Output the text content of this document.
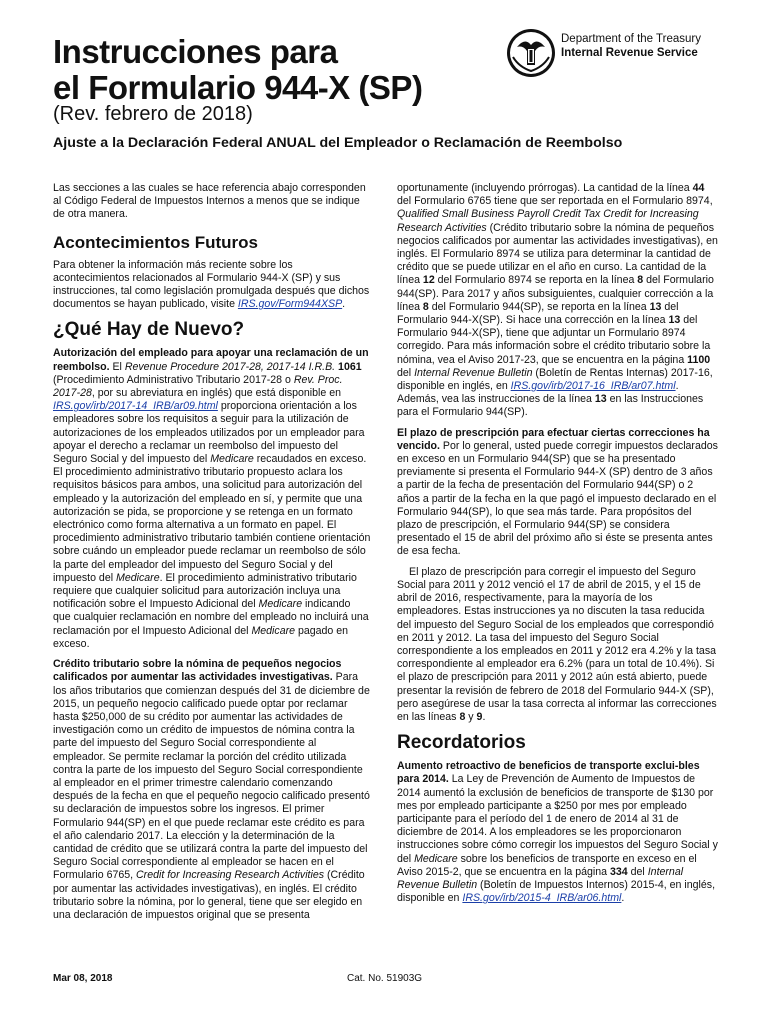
Instrucciones para
el Formulario 944-X (SP)
(Rev. febrero de 2018)
Ajuste a la Declaración Federal ANUAL del Empleador o Reclamación de Reembolso
Department of the Treasury
Internal Revenue Service

Las secciones a las cuales se hace referencia abajo corresponden al Código Federal de Impuestos Internos a menos que se indique de otra manera.

Acontecimientos Futuros

Para obtener la información más reciente sobre los acontecimientos relacionados al Formulario 944-X (SP) y sus instrucciones, tal como legislación promulgada después que dichos documentos se hayan publicado, visite IRS.gov/Form944XSP.

¿Qué Hay de Nuevo?

Autorización del empleado para apoyar una reclamación de un reembolso. El Revenue Procedure 2017-28, 2017-14 I.R.B. 1061 (Procedimiento Administrativo Tributario 2017-28 o Rev. Proc. 2017-28, por su abreviatura en inglés) que está disponible en IRS.gov/irb/2017-14_IRB/ar09.html proporciona orientación a los empleadores sobre los requisitos a seguir para la utilización de autorizaciones de los empleados utilizados por un empleador para apoyar el derecho a reclamar un reembolso del impuesto del Seguro Social y del impuesto del Medicare recaudados en exceso. El procedimiento administrativo tributario propuesto aclara los requisitos básicos para ambos, una solicitud para autorización del empleado y la autorización del empleado en sí, y permite que una autorización se pida, se proporcione y se retenga en un formato electrónico como forma alternativa a un formato en papel. El procedimiento administrativo tributario también contiene orientación sobre cuándo un empleador puede reclamar un reembolso de sólo la parte del empleador del impuesto del Seguro Social y del impuesto del Medicare. El procedimiento administrativo tributario requiere que cualquier solicitud para autorización incluya una notificación sobre el Impuesto Adicional del Medicare indicando que cualquier reclamación en nombre del empleado no incluirá una reclamación por el Impuesto Adicional del Medicare pagado en exceso.

Crédito tributario sobre la nómina de pequeños negocios calificados por aumentar las actividades investigativas. Para los años tributarios que comienzan después del 31 de diciembre de 2015, un pequeño negocio calificado puede optar por reclamar hasta $250,000 de su crédito por aumentar las actividades de investigación como un crédito de impuestos de nómina contra la parte del impuesto del Seguro Social correspondiente al empleador. Se permite reclamar la porción del crédito utilizada contra la parte de los impuesto del Seguro Social correspondiente al empleador en el primer trimestre calendario comenzando después de la fecha en que el pequeño negocio calificado presentó su declaración de impuestos sobre los ingresos. El primer Formulario 944(SP) en el que puede reclamar este crédito es para el año calendario 2017. La elección y la determinación de la cantidad de crédito que se utilizará contra la parte del impuesto del Seguro Social correspondiente al empleador se hacen en el Formulario 6765, Credit for Increasing Research Activities (Crédito por aumentar las actividades investigativas), en inglés. El crédito tributario sobre la nómina, por lo general, tiene que ser elegido en una declaración de impuestos original que se presenta

oportunamente (incluyendo prórrogas). La cantidad de la línea 44 del Formulario 6765 tiene que ser reportada en el Formulario 8974, Qualified Small Business Payroll Credit Tax Credit for Increasing Research Activities (Crédito tributario sobre la nómina de pequeños negocios calificados por aumentar las actividades investigativas), en inglés. El Formulario 8974 se utiliza para determinar la cantidad de crédito que se puede utilizar en el año en curso. La cantidad de la línea 12 del Formulario 8974 se reporta en la línea 8 del Formulario 944(SP). Para 2017 y años subsiguientes, cualquier corrección a la línea 8 del Formulario 944(SP), se reporta en la línea 13 del Formulario 944-X(SP). Si hace una corrección en la línea 13 del Formulario 944-X(SP), tiene que adjuntar un Formulario 8974 corregido. Para más información sobre el crédito tributario sobre la nómina, vea el Aviso 2017-23, que se encuentra en la página 1100 del Internal Revenue Bulletin (Boletín de Rentas Internas) 2017-16, disponible en inglés, en IRS.gov/irb/2017-16_IRB/ar07.html. Además, vea las instrucciones de la línea 13 en las Instrucciones para el Formulario 944(SP).

El plazo de prescripción para efectuar ciertas correcciones ha vencido. Por lo general, usted puede corregir impuestos declarados en exceso en un Formulario 944(SP) que se ha presentado previamente si presenta el Formulario 944-X (SP) dentro de 3 años a partir de la fecha de presentación del Formulario 944(SP) o 2 años a partir de la fecha en la que pagó el impuesto declarado en el Formulario 944(SP), lo que sea más tarde. Para propósitos del plazo de prescripción, el Formulario 944(SP) se considera presentado el 15 de abril del próximo año si éste se presenta antes de esa fecha.

El plazo de prescripción para corregir el impuesto del Seguro Social para 2011 y 2012 venció el 17 de abril de 2015, y el 15 de abril de 2016, respectivamente, para la mayoría de los empleadores. Estas instrucciones ya no discuten la tasa reducida del impuesto del Seguro Social de los empleados que correspondió en 2011 y 2012. La tasa del impuesto del Seguro Social correspondiente a los empleados en 2011 y 2012 era 4.2% y la tasa correspondiente al empleador era 6.2% (para un total de 10.4%). Si el plazo de prescripción para 2011 y 2012 aún está abierto, puede presentar la revisión de febrero de 2018 del Formulario 944-X (SP), pero asegúrese de usar la tasa correcta al informar las correcciones en las líneas 8 y 9.

Recordatorios

Aumento retroactivo de beneficios de transporte exclui-bles para 2014. La Ley de Prevención de Aumento de Impuestos de 2014 aumentó la exclusión de beneficios de transporte de $130 por mes por empleado participante a $250 por mes por empleado participante para el período del 1 de enero de 2014 al 31 de diciembre de 2014. A los empleadores se les proporcionaron instrucciones sobre cómo corregir los impuestos del Seguro Social y del Medicare sobre los beneficios de transporte en exceso en el Aviso 2015-2, que se encuentra en la página 334 del Internal Revenue Bulletin (Boletín de Impuestos Internos) 2015-4, en inglés, disponible en IRS.gov/irb/2015-4_IRB/ar06.html.

Mar 08, 2018	Cat. No. 51903G
